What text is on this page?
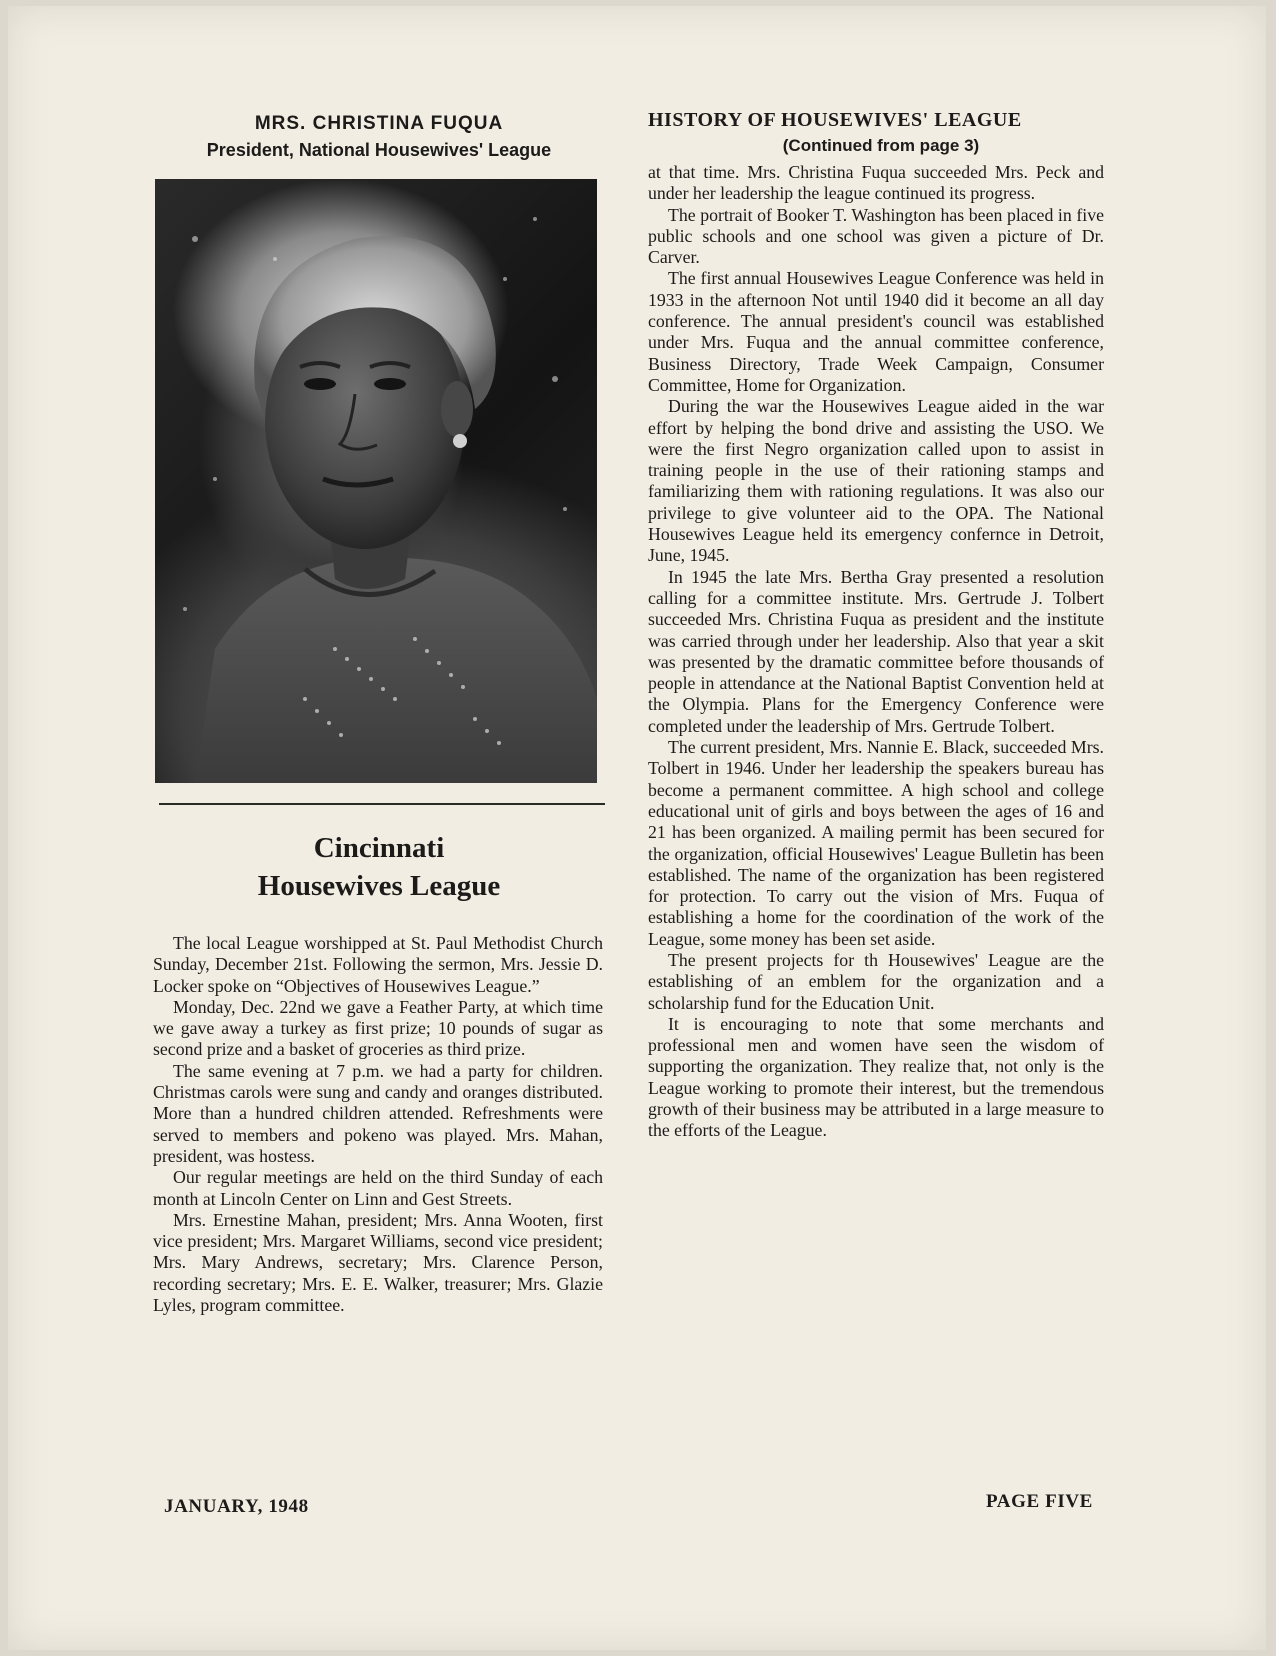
MRS. CHRISTINA FUQUA

President, National Housewives' League

Cincinnati
Housewives League

The local League worshipped at St. Paul Methodist Church Sunday, December 21st. Following the sermon, Mrs. Jessie D. Locker spoke on “Objectives of Housewives League.”

Monday, Dec. 22nd we gave a Feather Party, at which time we gave away a turkey as first prize; 10 pounds of sugar as second prize and a basket of groceries as third prize.

The same evening at 7 p.m. we had a party for children. Christmas carols were sung and candy and oranges distributed. More than a hundred children attended. Refreshments were served to members and pokeno was played. Mrs. Mahan, president, was hostess.

Our regular meetings are held on the third Sunday of each month at Lincoln Center on Linn and Gest Streets.

Mrs. Ernestine Mahan, president; Mrs. Anna Wooten, first vice president; Mrs. Margaret Williams, second vice president; Mrs. Mary Andrews, secretary; Mrs. Clarence Person, recording secretary; Mrs. E. E. Walker, treasurer; Mrs. Glazie Lyles, program committee.

HISTORY OF HOUSEWIVES' LEAGUE

(Continued from page 3)

at that time. Mrs. Christina Fuqua succeeded Mrs. Peck and under her leadership the league continued its progress.

The portrait of Booker T. Washington has been placed in five public schools and one school was given a picture of Dr. Carver.

The first annual Housewives League Conference was held in 1933 in the afternoon Not until 1940 did it become an all day conference. The annual president's council was established under Mrs. Fuqua and the annual committee conference, Business Directory, Trade Week Campaign, Consumer Committee, Home for Organization.

During the war the Housewives League aided in the war effort by helping the bond drive and assisting the USO. We were the first Negro organization called upon to assist in training people in the use of their rationing stamps and familiarizing them with rationing regulations. It was also our privilege to give volunteer aid to the OPA. The National Housewives League held its emergency confernce in Detroit, June, 1945.

In 1945 the late Mrs. Bertha Gray presented a resolution calling for a committee institute. Mrs. Gertrude J. Tolbert succeeded Mrs. Christina Fuqua as president and the institute was carried through under her leadership. Also that year a skit was presented by the dramatic committee before thousands of people in attendance at the National Baptist Convention held at the Olympia. Plans for the Emergency Conference were completed under the leadership of Mrs. Gertrude Tolbert.

The current president, Mrs. Nannie E. Black, succeeded Mrs. Tolbert in 1946. Under her leadership the speakers bureau has become a permanent committee. A high school and college educational unit of girls and boys between the ages of 16 and 21 has been organized. A mailing permit has been secured for the organization, official Housewives' League Bulletin has been established. The name of the organization has been registered for protection. To carry out the vision of Mrs. Fuqua of establishing a home for the coordination of the work of the League, some money has been set aside.

The present projects for th Housewives' League are the establishing of an emblem for the organization and a scholarship fund for the Education Unit.

It is encouraging to note that some merchants and professional men and women have seen the wisdom of supporting the organization. They realize that, not only is the League working to promote their interest, but the tremendous growth of their business may be attributed in a large measure to the efforts of the League.

JANUARY, 1948	PAGE FIVE
